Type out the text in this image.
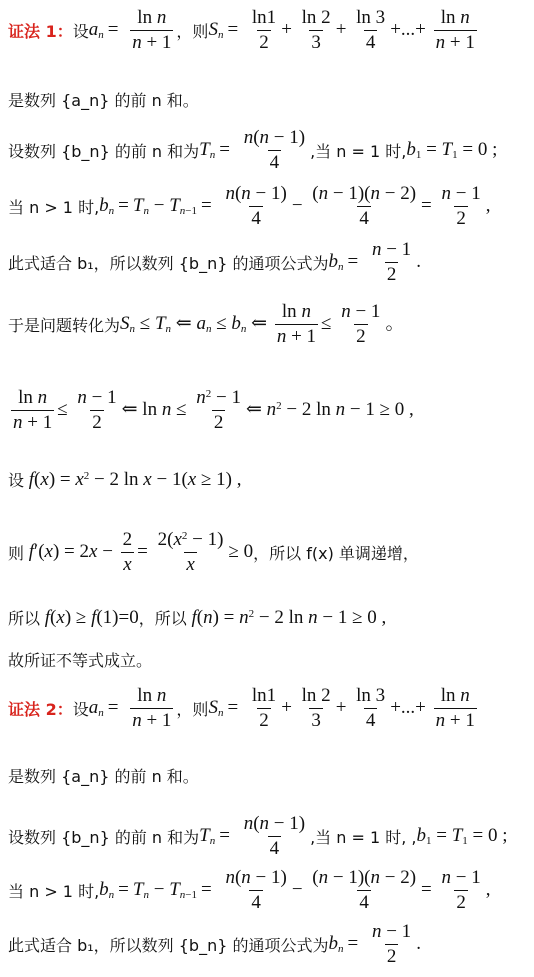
证法 1： 设 $a_n = \frac{\text{ln n}}{n + 1}$ ，则 $S_n = \frac{\ln 1}{2} + \frac{\ln 2}{3} + \frac{\ln 3}{4}$ +...+ $\frac{\text{ln n}}{n + 1}$
是数列 {a_n} 的前 n 和。
设数列 {b_n} 的前 n 和为 $T_n = \frac{n(n - 1)}{4}$ ,当 n = 1 时, $b_1 = T_1 = 0$ ;
当 n > 1 时, $b_n = T_n - T_{n-1} = \frac{n(n - 1)}{4} - \frac{(n - 1)(n - 2)}{4} = \frac{n - 1}{2}$ ,
此式适合 b₁，所以数列 {b_n} 的通项公式为 $b_n = \frac{n - 1}{2}$ .
于是问题转化为 $S_n \le T_n$ ⇐ $a_n \le b_n$ ⇐ $\frac{\text{ln n}}{n + 1} \le \frac{n - 1}{2}$ 。
$\frac{\text{ln n}}{n + 1} \le \frac{n - 1}{2}$ ⇐ $\ln n \le \frac{n^2 - 1}{2}$ ⇐ $n^2 - 2$ ln n − 1 ≥ 0 ,
设 $f(x) = x^2 - 2$ ln x − 1(x ≥ 1) ,
则 $f'(x) = 2x - \frac{2}{x} = \frac{2(x^2 - 1)}{x} \ge 0$ ，所以 f(x) 单调递增，
所以 f(x) ≥ f(1)=0 ，所以 $f(n) = n^2 - 2$ ln n − 1 ≥ 0 ,
故所证不等式成立。
证法 2： 设 $a_n = \frac{\text{ln n}}{n + 1}$ ，则 $S_n = \frac{\ln 1}{2} + \frac{\ln 2}{3} + \frac{\ln 3}{4}$ +...+ $\frac{\text{ln n}}{n + 1}$
是数列 {a_n} 的前 n 和。
设数列 {b_n} 的前 n 和为 $T_n = \frac{n(n - 1)}{4}$ ,当 n = 1 时, , $b_1 = T_1 = 0$ ;
当 n > 1 时, $b_n = T_n - T_{n-1} = \frac{n(n - 1)}{4} - \frac{(n - 1)(n - 2)}{4} = \frac{n - 1}{2}$ ,
此式适合 b₁，所以数列 {b_n} 的通项公式为 $b_n = \frac{n - 1}{2}$ .
